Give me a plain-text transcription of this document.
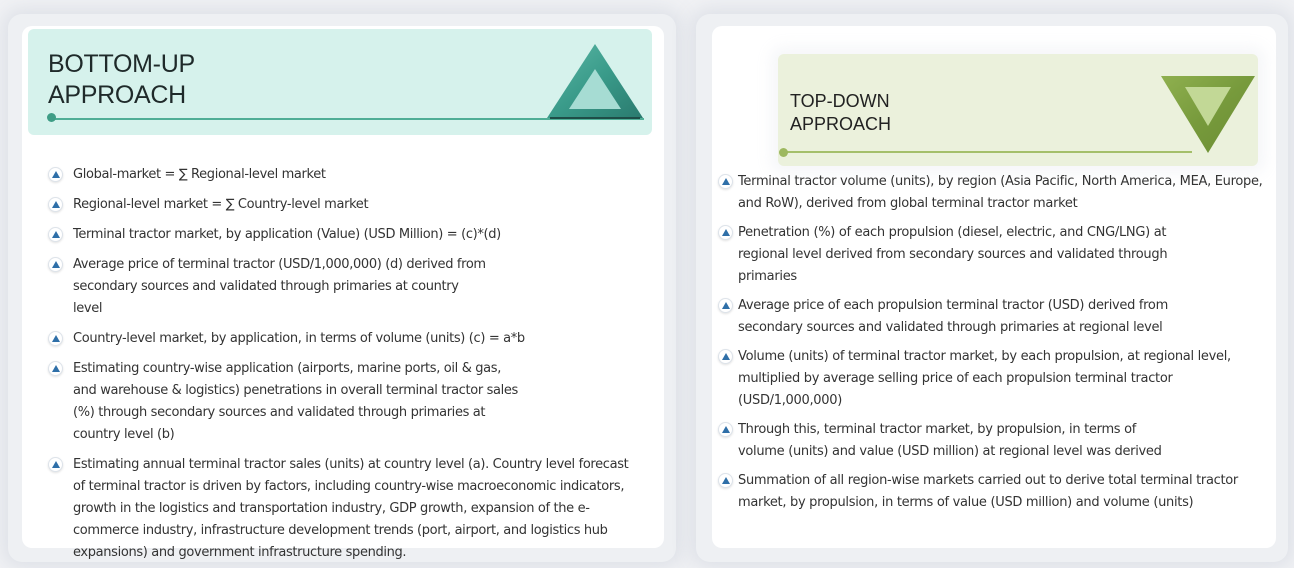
BOTTOM-UP
APPROACH
Global-market = ∑ Regional-level market
Regional-level market = ∑ Country-level market
Terminal tractor market, by application (Value) (USD Million) = (c)*(d)
Average price of terminal tractor (USD/1,000,000) (d) derived from secondary sources and validated through primaries at country level
Country-level market, by application, in terms of volume (units) (c) = a*b
Estimating country-wise application (airports, marine ports, oil & gas, and warehouse & logistics) penetrations in overall terminal tractor sales (%) through secondary sources and validated through primaries at country level (b)
Estimating annual terminal tractor sales (units) at country level (a). Country level forecast of terminal tractor is driven by factors, including country-wise macroeconomic indicators, growth in the logistics and transportation industry, GDP growth, expansion of the e-commerce industry, infrastructure development trends (port, airport, and logistics hub expansions) and government infrastructure spending.
TOP-DOWN
APPROACH
Terminal tractor volume (units), by region (Asia Pacific, North America, MEA, Europe, and RoW), derived from global terminal tractor market
Penetration (%) of each propulsion (diesel, electric, and CNG/LNG) at regional level derived from secondary sources and validated through primaries
Average price of each propulsion terminal tractor (USD) derived from secondary sources and validated through primaries at regional level
Volume (units) of terminal tractor market, by each propulsion, at regional level, multiplied by average selling price of each propulsion terminal tractor (USD/1,000,000)
Through this, terminal tractor market, by propulsion, in terms of volume (units) and value (USD million) at regional level was derived
Summation of all region-wise markets carried out to derive total terminal tractor market, by propulsion, in terms of value (USD million) and volume (units)
